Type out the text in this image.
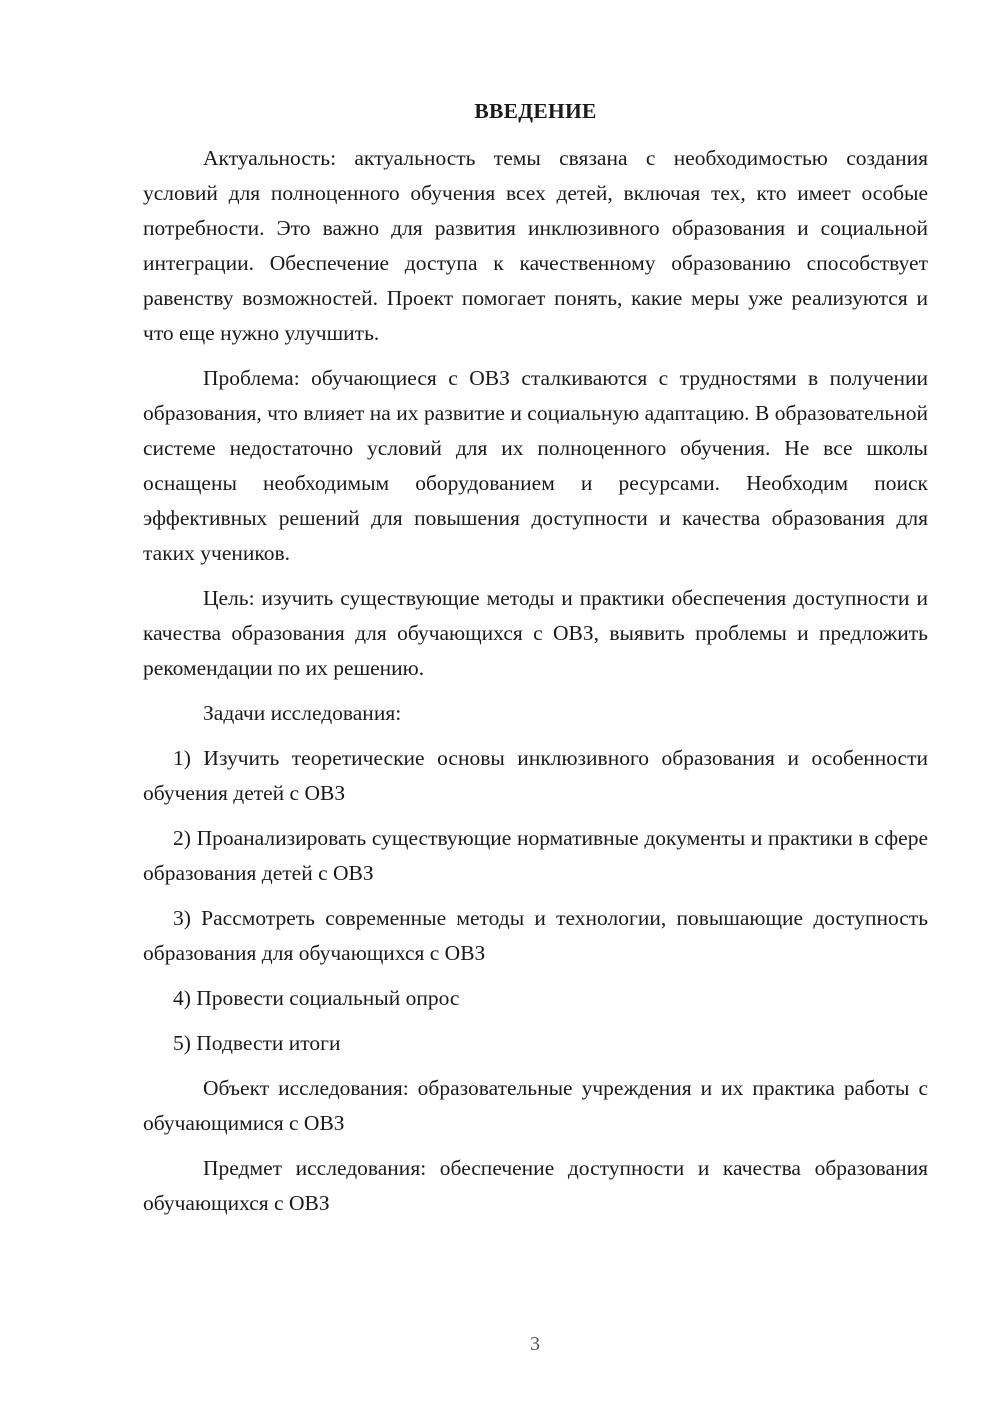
ВВЕДЕНИЕ

Актуальность: актуальность темы связана с необходимостью создания условий для полноценного обучения всех детей, включая тех, кто имеет особые потребности. Это важно для развития инклюзивного образования и социальной интеграции. Обеспечение доступа к качественному образованию способствует равенству возможностей. Проект помогает понять, какие меры уже реализуются и что еще нужно улучшить.

Проблема: обучающиеся с ОВЗ сталкиваются с трудностями в получении образования, что влияет на их развитие и социальную адаптацию. В образовательной системе недостаточно условий для их полноценного обучения. Не все школы оснащены необходимым оборудованием и ресурсами. Необходим поиск эффективных решений для повышения доступности и качества образования для таких учеников.

Цель: изучить существующие методы и практики обеспечения доступности и качества образования для обучающихся с ОВЗ, выявить проблемы и предложить рекомендации по их решению.

Задачи исследования:

1) Изучить теоретические основы инклюзивного образования и особенности обучения детей с ОВЗ

2) Проанализировать существующие нормативные документы и практики в сфере образования детей с ОВЗ

3) Рассмотреть современные методы и технологии, повышающие доступность образования для обучающихся с ОВЗ

4) Провести социальный опрос

5) Подвести итоги

Объект исследования: образовательные учреждения и их практика работы с обучающимися с ОВЗ

Предмет исследования: обеспечение доступности и качества образования обучающихся с ОВЗ

3
